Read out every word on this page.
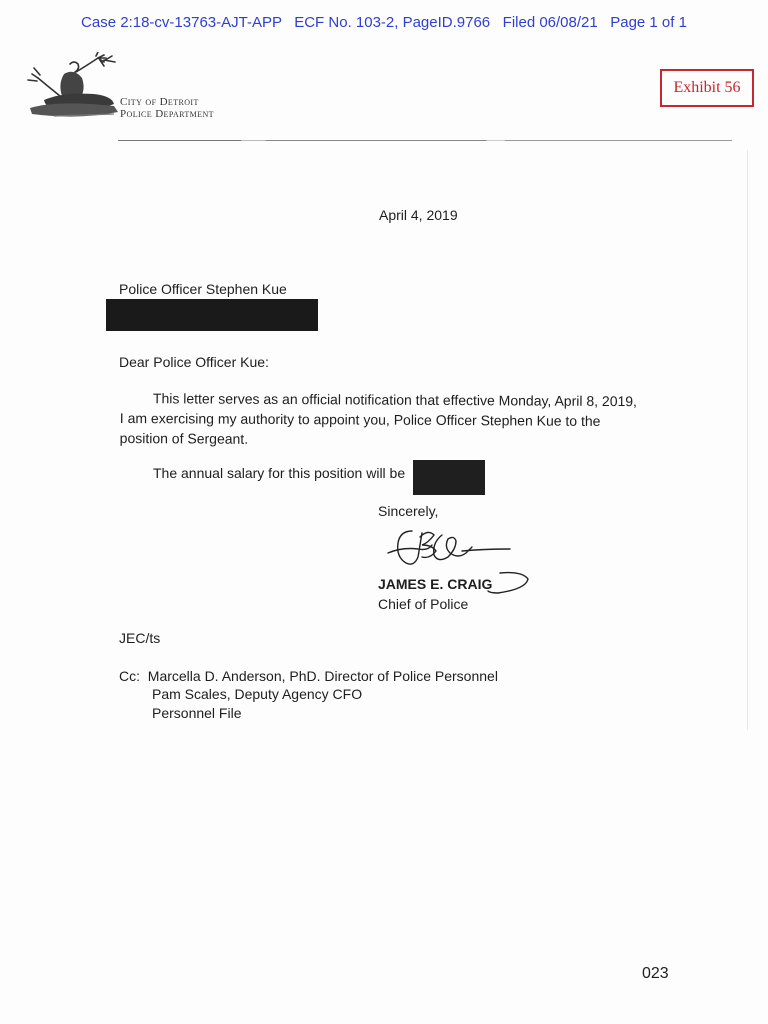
Case 2:18-cv-13763-AJT-APP   ECF No. 103-2, PageID.9766   Filed 06/08/21   Page 1 of 1
City of Detroit
Police Department
Exhibit 56
April 4, 2019
Police Officer Stephen Kue
Dear Police Officer Kue:
This letter serves as an official notification that effective Monday, April 8, 2019, I am exercising my authority to appoint you, Police Officer Stephen Kue to the position of Sergeant.
The annual salary for this position will be
Sincerely,
JAMES E. CRAIG
Chief of Police
JEC/ts
Cc: Marcella D. Anderson, PhD. Director of Police Personnel
Pam Scales, Deputy Agency CFO
Personnel File
023
